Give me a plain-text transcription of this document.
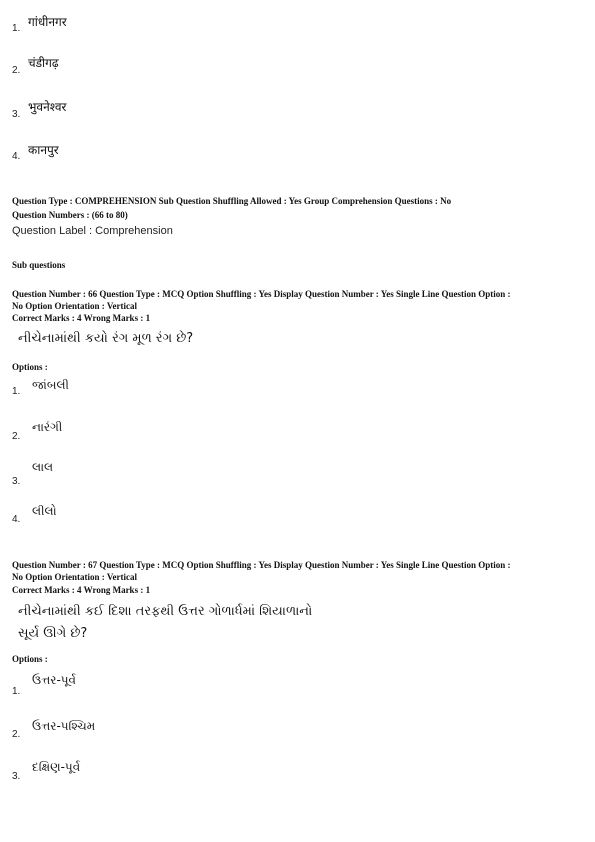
1. गांधीनगर
2.
चंडीगढ़
3.
भुवनेश्वर
4. कानपुर
Question Type : COMPREHENSION Sub Question Shuffling Allowed : Yes Group Comprehension Questions : No
Question Numbers : (66 to 80)
Question Label : Comprehension
Sub questions
Question Number : 66 Question Type : MCQ Option Shuffling : Yes Display Question Number : Yes Single Line Question Option :
No Option Orientation : Vertical
Correct Marks : 4 Wrong Marks : 1
નીચેનામાંથી કયો રંગ મૂળ રંગ છે?
Options :
1. જાંબલી
2.
નારંગી
3.
લાલ
4.
લીલો
Question Number : 67 Question Type : MCQ Option Shuffling : Yes Display Question Number : Yes Single Line Question Option :
No Option Orientation : Vertical
Correct Marks : 4 Wrong Marks : 1
નીચેનામાંથી કઈ દિશા તરફથી ઉત્તર ગોળાર્ધમાં શિયાળાનો
સૂર્ય ઊગે છે?
Options :
1.
ઉત્તર-પૂર્વ
2.
ઉત્તર-પશ્ચિમ
3.
દક્ષિણ-પૂર્વ
